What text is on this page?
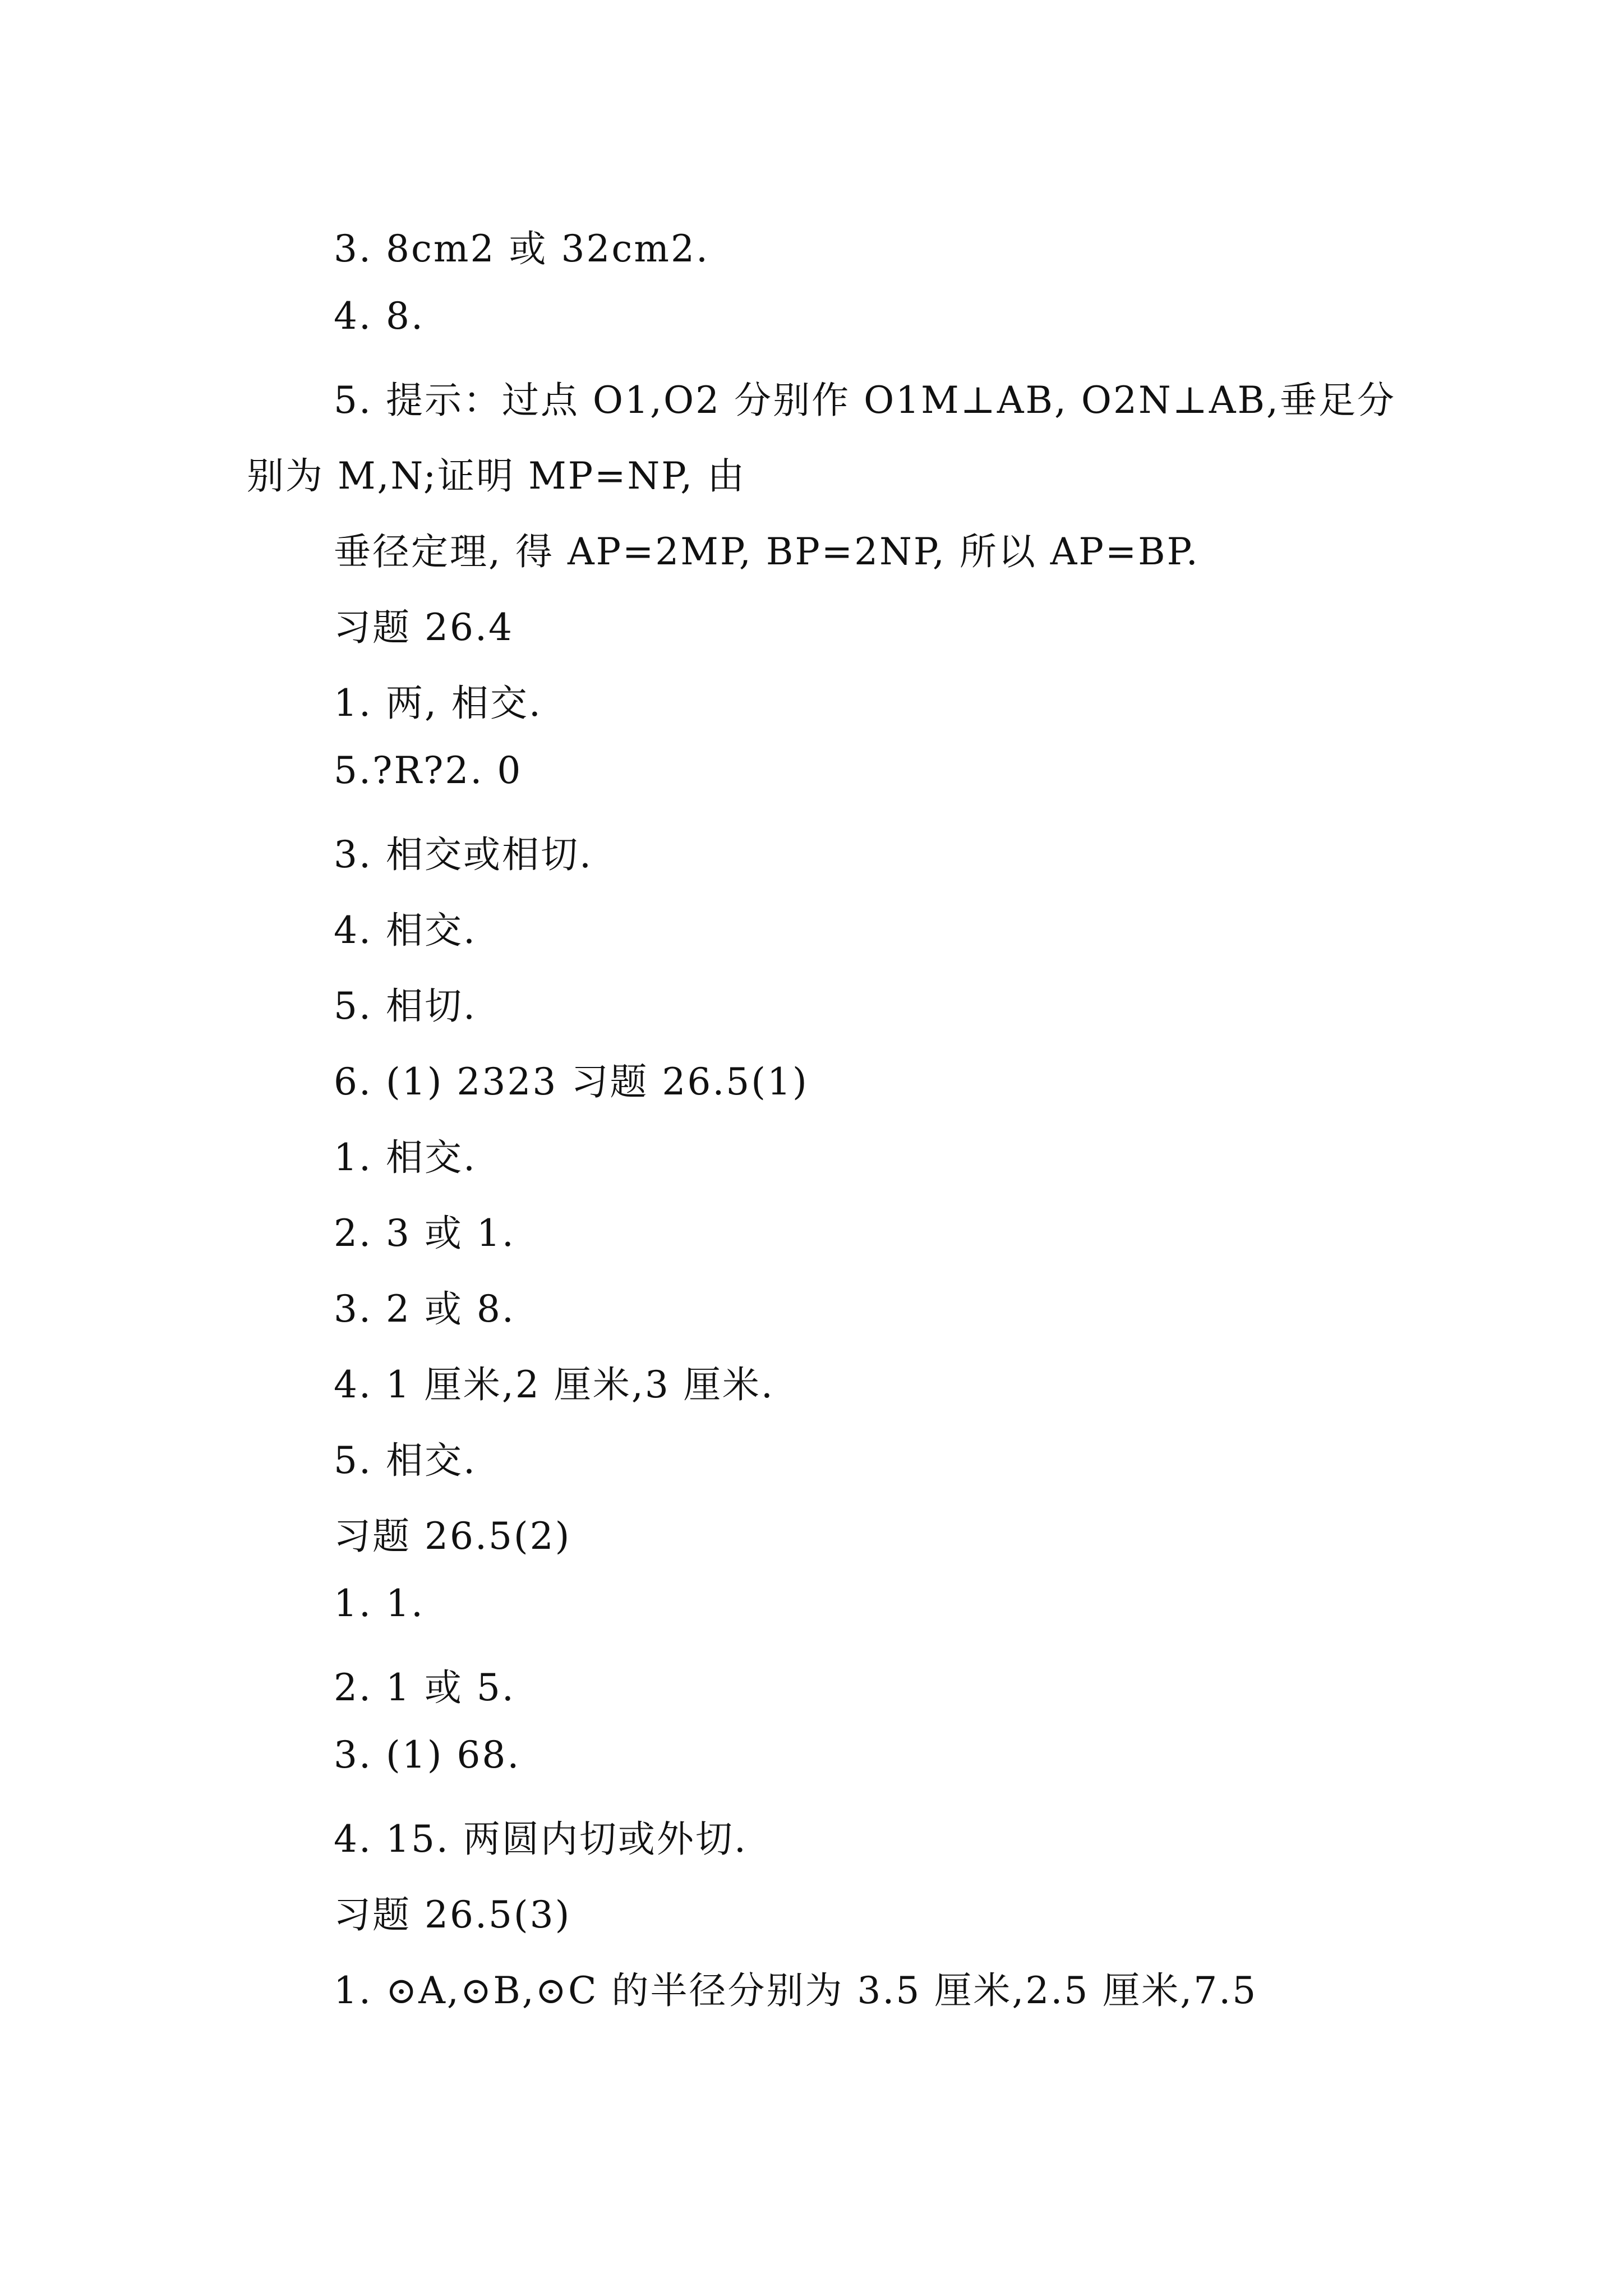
3. 8cm2 或 32cm2.
4. 8.
5. 提示：过点 O1,O2 分别作 O1M⊥AB, O2N⊥AB,垂足分
别为 M,N;证明 MP=NP, 由
垂径定理, 得 AP=2MP, BP=2NP, 所以 AP=BP.
习题 26.4
1. 两, 相交.
5.?R?2. 0
3. 相交或相切.
4. 相交.
5. 相切.
6. (1) 2323 习题 26.5(1)
1. 相交.
2. 3 或 1.
3. 2 或 8.
4. 1 厘米,2 厘米,3 厘米.
5. 相交.
习题 26.5(2)
1. 1.
2. 1 或 5.
3. (1) 68.
4. 15. 两圆内切或外切.
习题 26.5(3)
1. ⊙A,⊙B,⊙C 的半径分别为 3.5 厘米,2.5 厘米,7.5
